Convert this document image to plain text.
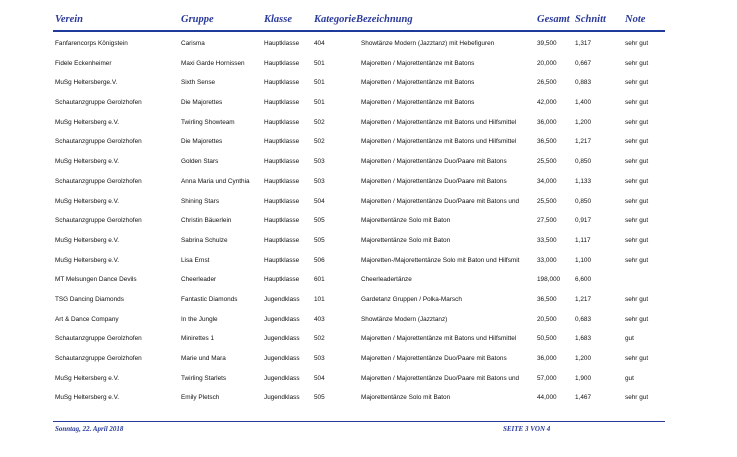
Verein	Gruppe	Klasse Kategorie Bezeichnung	Gesamt Schnitt Note
Fanfarencorps Königstein	Carisma	Hauptklasse 404	Showtänze Modern (Jazztanz) mit Hebefiguren	39,500	1,317	sehr gut
Fidele Eckenheimer	Maxi Garde Hornissen	Hauptklasse 501	Majoretten / Majorettentänze mit Batons	20,000	0,667	sehr gut
MuSg Heltersberge.V.	Sixth Sense	Hauptklasse 501	Majoretten / Majorettentänze mit Batons	26,500	0,883	sehr gut
Schautanzgruppe Gerolzhofen	Die Majorettes	Hauptklasse 501	Majoretten / Majorettentänze mit Batons	42,000	1,400	sehr gut
MuSg Heltersberg e.V.	Twirling Showteam	Hauptklasse 502	Majoretten / Majorettentänze mit Batons und Hilfsmittel	36,000	1,200	sehr gut
Schautanzgruppe Gerolzhofen	Die Majorettes	Hauptklasse 502	Majoretten / Majorettentänze mit Batons und Hilfsmittel	36,500	1,217	sehr gut
MuSg Heltersberg e.V.	Golden Stars	Hauptklasse 503	Majoretten / Majorettentänze Duo/Paare mit Batons	25,500	0,850	sehr gut
Schautanzgruppe Gerolzhofen	Anna Maria und Cynthia Hauptklasse 503	Majoretten / Majorettentänze Duo/Paare mit Batons	34,000	1,133	sehr gut
MuSg Heltersberg e.V.	Shining Stars	Hauptklasse 504	Majoretten / Majorettentänze Duo/Paare mit Batons und	25,500	0,850	sehr gut
Schautanzgruppe Gerolzhofen	Christin Bäuerlein	Hauptklasse 505	Majorettentänze Solo mit Baton	27,500	0,917	sehr gut
MuSg Heltersberg e.V.	Sabrina Schulze	Hauptklasse 505	Majorettentänze Solo mit Baton	33,500	1,117	sehr gut
MuSg Heltersberg e.V.	Lisa Ernst	Hauptklasse 506	Majoretten-/Majorettentänze Solo mit Baton und Hilfsmit	33,000	1,100	sehr gut
MT Melsungen Dance Devils	Cheerleader	Hauptklasse 601	Cheerleadertänze	198,000 6,600
TSG Dancing Diamonds	Fantastic Diamonds	Jugendklass 101	Gardetanz Gruppen / Polka-Marsch	36,500	1,217	sehr gut
Art & Dance Company	In the Jungle	Jugendklass 403	Showtänze Modern (Jazztanz)	20,500	0,683	sehr gut
Schautanzgruppe Gerolzhofen	Minirettes 1	Jugendklass 502	Majoretten / Majorettentänze mit Batons und Hilfsmittel	50,500	1,683	gut
Schautanzgruppe Gerolzhofen	Marie und Mara	Jugendklass 503	Majoretten / Majorettentänze Duo/Paare mit Batons	36,000	1,200	sehr gut
MuSg Heltersberg e.V.	Twirling Starlets	Jugendklass 504	Majoretten / Majorettentänze Duo/Paare mit Batons und	57,000	1,900	gut
MuSg Heltersberg e.V.	Emily Pletsch	Jugendklass 505	Majorettentänze Solo mit Baton	44,000	1,467	sehr gut
Sonntag, 22. April 2018	SEITE 3 VON 4
